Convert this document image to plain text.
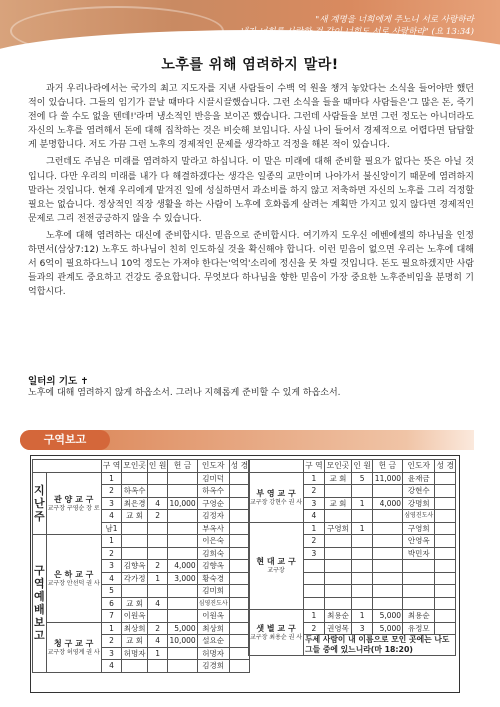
"새 계명을 너희에게 주노니 서로 사랑하라
내가 너희를 사랑한 것 같이 너희도 서로 사랑하라" (요 13:34)
노후를 위해 염려하지 말라!

과거 우리나라에서는 국가의 최고 지도자를 지낸 사람들이 수백 억 원을 챙겨 놓았다는 소식을 들어야만 했던 적이 있습니다. 그들의 임기가 끝날 때마다 시끌시끌했습니다. 그런 소식을 들을 때마다 사람들은'그 많은 돈, 죽기 전에 다 쓸 수도 없을 텐데!'라며 냉소적인 반응을 보이곤 했습니다. 그런데 사람들을 보면 그런 정도는 아니더라도 자신의 노후를 염려해서 돈에 대해 집착하는 것은 비슷해 보입니다. 사실 나이 들어서 경제적으로 어렵다면 답답할 게 분명합니다. 저도 가끔 그런 노후의 경제적인 문제를 생각하고 걱정을 해본 적이 있습니다.

그런데도 주님은 미래를 염려하지 말라고 하십니다. 이 말은 미래에 대해 준비할 필요가 없다는 뜻은 아닐 것입니다. 다만 우리의 미래를 내가 다 해결하겠다는 생각은 일종의 교만이며 나아가서 불신앙이기 때문에 염려하지 말라는 것입니다. 현재 우리에게 맡겨진 일에 성실하면서 과소비를 하지 않고 저축하면 자신의 노후를 그리 걱정할 필요는 없습니다. 정상적인 직장 생활을 하는 사람이 노후에 호화롭게 살려는 계획만 가지고 있지 않다면 경제적인 문제로 그리 전전긍긍하지 않을 수 있습니다.

노후에 대해 염려하는 대신에 준비합시다. 믿음으로 준비합시다. 여기까지 도우신 에벤에셀의 하나님을 인정하면서(삼상7:12) 노후도 하나님이 친히 인도하실 것을 확신해야 합니다. 이런 믿음이 없으면 우리는 노후에 대해서 6억이 필요하다느니 10억 정도는 가져야 한다는'억억'소리에 정신을 못 차릴 것입니다. 돈도 필요하겠지만 사람들과의 관계도 중요하고 건강도 중요합니다. 무엇보다 하나님을 향한 믿음이 가장 중요한 노후준비임을 분명히 기억합시다.

일터의 기도 ✝
노후에 대해 염려하지 않게 하옵소서. 그러나 지혜롭게 준비할 수 있게 하옵소서.
구역보고
		구 역	모인곳	인 원	헌 금	인도자	성 경
지난주	관 양 교 구
교구장 구영순 장 로	1				김미덕	
		2	하옥수			하옥수	
		3	최은경	4	10,000	구영순	
		4	교 회	2		김정자	
		남1				부옥사	
구역예배보고	은 하 교 구
교구장 안선덕 권 사	1				이은숙	
		2				김희숙	
		3	김향옥	2	4,000	김향옥	
		4	각가정	1	3,000	황숙경	
		5				김미희	
		6	교 회	4		심영진도사	
		7	이원옥			이원옥	
	청 구 교 구
교구장 허영계 권 사	1	최상희	2	5,000	최상희	
		2	교 회	4	10,000	설요순	
		3	허명자	1		허명자	
		4				김경희	
	구 역	모인곳	인 원	헌 금	인도자	성 경
부 영 교 구
교구장 강현수 권 사	1	교 회	5	11,000	윤재금	
	2				강현수	
	3	교 회	1	4,000	강명희	
	4				심영진도사	
현 대 교 구
교구장	1	구영희	1		구영희	
	2				안영옥	
	3				박민자	

샛 별 교 구
교구장 최용순 권 사	1	최용순	1	5,000	최용순	
	2	권영목	3	5,000	유정모	
	두세 사람이 내 이름으로 모인 곳에는 나도 그들 중에 있느니라(마 18:20)					
